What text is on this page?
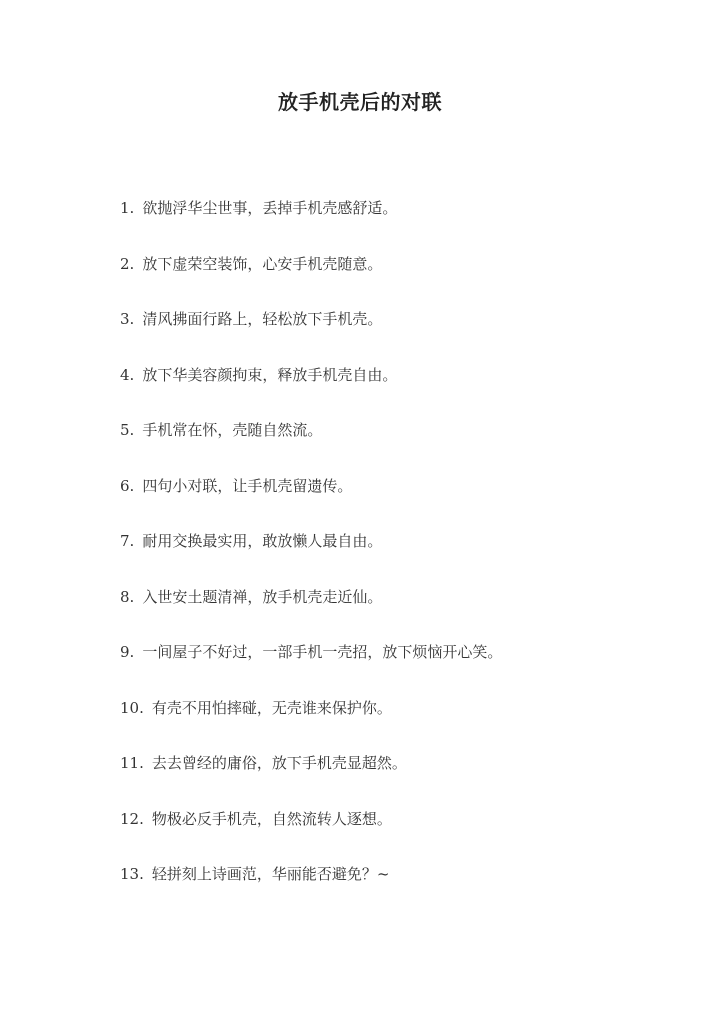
放手机壳后的对联
1. 欲抛浮华尘世事，丢掉手机壳感舒适。
2. 放下虚荣空装饰，心安手机壳随意。
3. 清风拂面行路上，轻松放下手机壳。
4. 放下华美容颜拘束，释放手机壳自由。
5. 手机常在怀，壳随自然流。
6. 四句小对联，让手机壳留遗传。
7. 耐用交换最实用，敢放懒人最自由。
8. 入世安土题清禅，放手机壳走近仙。
9. 一间屋子不好过，一部手机一壳招，放下烦恼开心笑。
10. 有壳不用怕摔碰，无壳谁来保护你。
11. 去去曾经的庸俗，放下手机壳显超然。
12. 物极必反手机壳，自然流转人逐想。
13. 轻拼刻上诗画范，华丽能否避免？~
